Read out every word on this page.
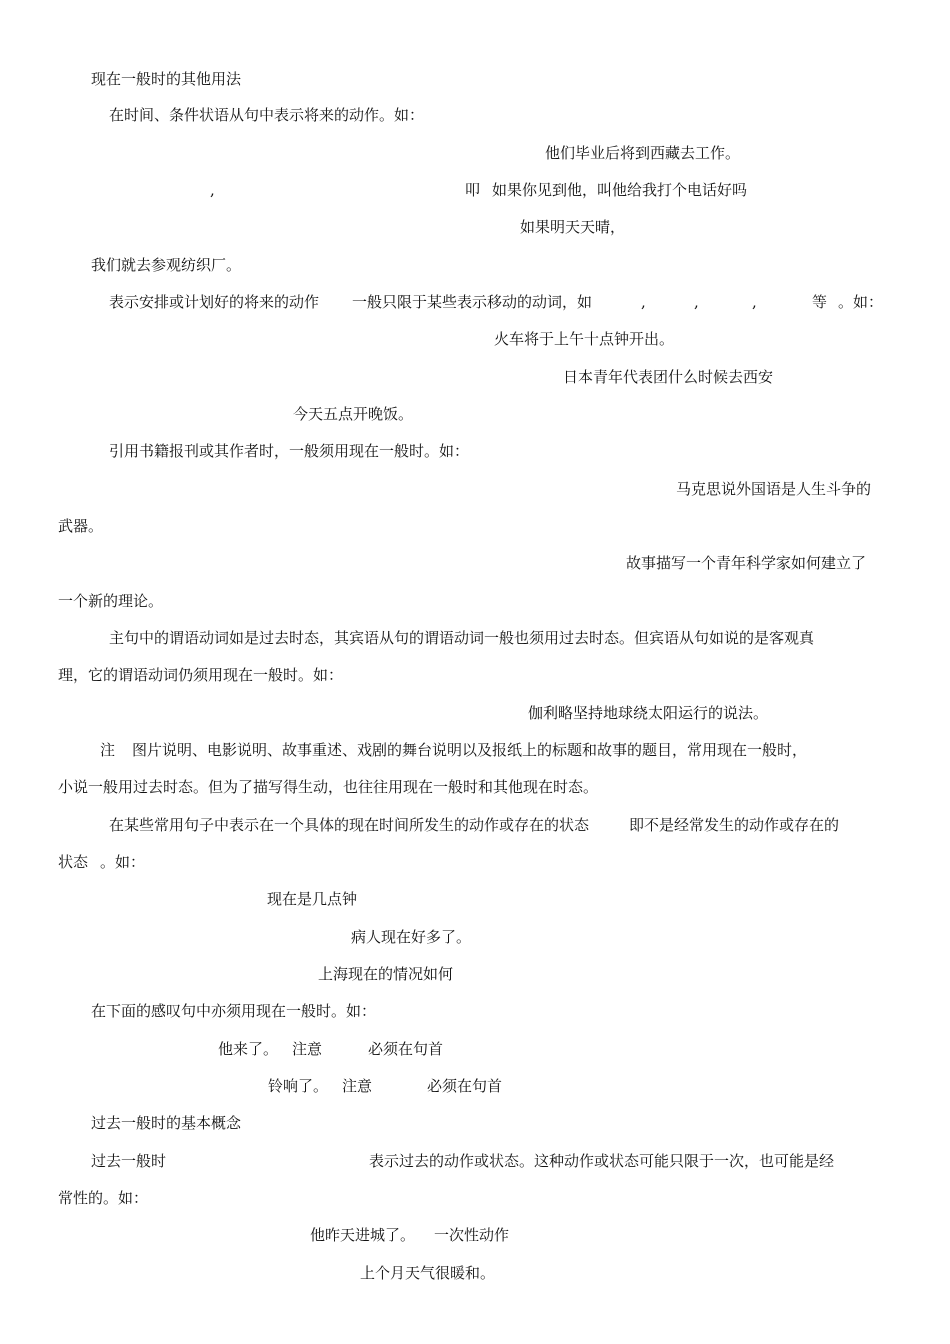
现在一般时的其他用法
在时间、条件状语从句中表示将来的动作。如：
他们毕业后将到西藏去工作。
,	叩 如果你见到他，叫他给我打个电话好吗
如果明天天晴，
我们就去参观纺织厂。
表示安排或计划好的将来的动作 一般只限于某些表示移动的动词，如	,	,	,	等 。如：
火车将于上午十点钟开出。
日本青年代表团什么时候去西安
今天五点开晚饭。
引用书籍报刊或其作者时，一般须用现在一般时。如：
马克思说外国语是人生斗争的
武器。
故事描写一个青年科学家如何建立了
一个新的理论。
主句中的谓语动词如是过去时态，其宾语从句的谓语动词一般也须用过去时态。但宾语从句如说的是客观真
理，它的谓语动词仍须用现在一般时。如：
伽利略坚持地球绕太阳运行的说法。
注 图片说明、电影说明、故事重述、戏剧的舞台说明以及报纸上的标题和故事的题目，常用现在一般时，
小说一般用过去时态。但为了描写得生动，也往往用现在一般时和其他现在时态。
在某些常用句子中表示在一个具体的现在时间所发生的动作或存在的状态	即不是经常发生的动作或存在的
状态 。如：
现在是几点钟
病人现在好多了。
上海现在的情况如何
在下面的感叹句中亦须用现在一般时。如：
他来了。 注意	必须在句首
铃响了。 注意	必须在句首
过去一般时的基本概念
过去一般时	表示过去的动作或状态。这种动作或状态可能只限于一次，也可能是经
常性的。如：
他昨天进城了。 一次性动作
上个月天气很暖和。
